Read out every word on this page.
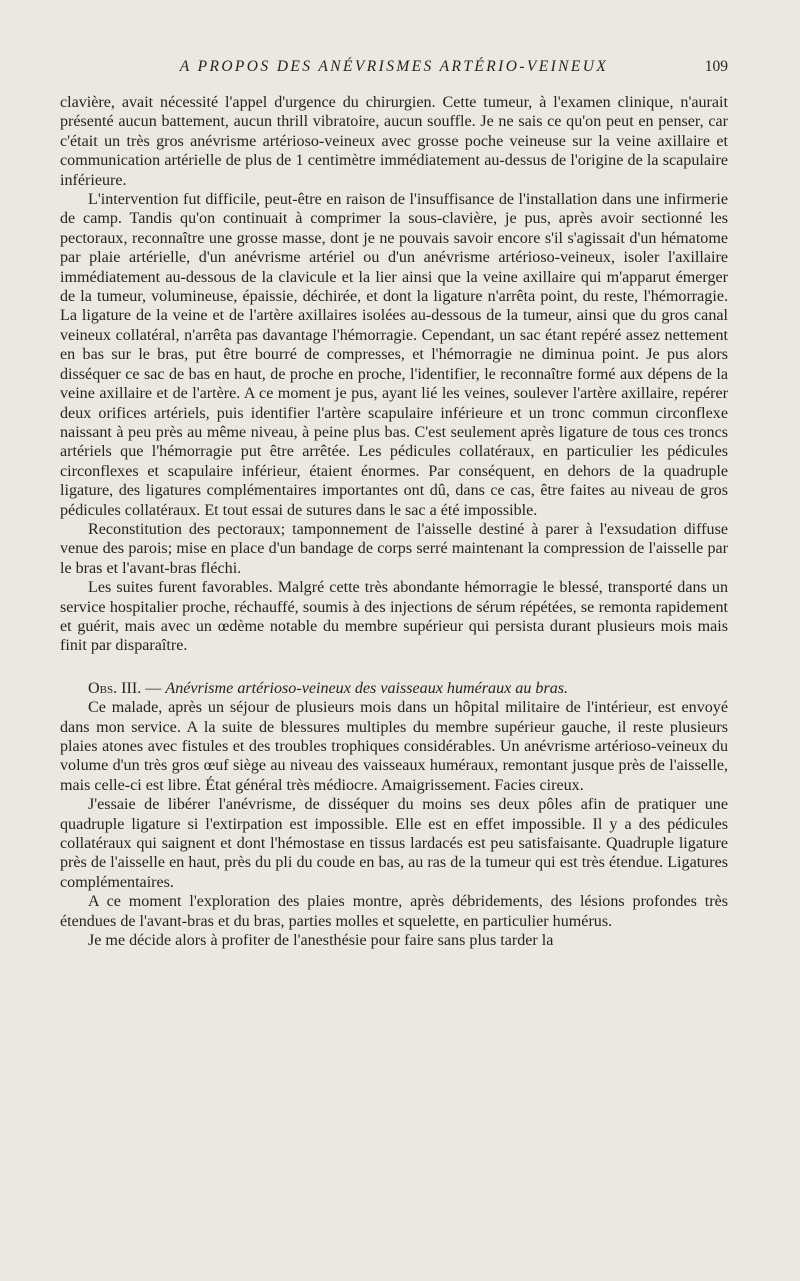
A PROPOS DES ANÉVRISMES ARTÉRIO-VEINEUX	109

clavière, avait nécessité l'appel d'urgence du chirurgien. Cette tumeur, à l'examen clinique, n'aurait présenté aucun battement, aucun thrill vibratoire, aucun souffle. Je ne sais ce qu'on peut en penser, car c'était un très gros anévrisme artérioso-veineux avec grosse poche veineuse sur la veine axillaire et communication artérielle de plus de 1 centimètre immédiatement au-dessus de l'origine de la scapulaire inférieure.

L'intervention fut difficile, peut-être en raison de l'insuffisance de l'installation dans une infirmerie de camp. Tandis qu'on continuait à comprimer la sous-clavière, je pus, après avoir sectionné les pectoraux, reconnaître une grosse masse, dont je ne pouvais savoir encore s'il s'agissait d'un hématome par plaie artérielle, d'un anévrisme artériel ou d'un anévrisme artérioso-veineux, isoler l'axillaire immédiatement au-dessous de la clavicule et la lier ainsi que la veine axillaire qui m'apparut émerger de la tumeur, volumineuse, épaissie, déchirée, et dont la ligature n'arrêta point, du reste, l'hémorragie. La ligature de la veine et de l'artère axillaires isolées au-dessous de la tumeur, ainsi que du gros canal veineux collatéral, n'arrêta pas davantage l'hémorragie. Cependant, un sac étant repéré assez nettement en bas sur le bras, put être bourré de compresses, et l'hémorragie ne diminua point. Je pus alors disséquer ce sac de bas en haut, de proche en proche, l'identifier, le reconnaître formé aux dépens de la veine axillaire et de l'artère. A ce moment je pus, ayant lié les veines, soulever l'artère axillaire, repérer deux orifices artériels, puis identifier l'artère scapulaire inférieure et un tronc commun circonflexe naissant à peu près au même niveau, à peine plus bas. C'est seulement après ligature de tous ces troncs artériels que l'hémorragie put être arrêtée. Les pédicules collatéraux, en particulier les pédicules circonflexes et scapulaire inférieur, étaient énormes. Par conséquent, en dehors de la quadruple ligature, des ligatures complémentaires importantes ont dû, dans ce cas, être faites au niveau de gros pédicules collatéraux. Et tout essai de sutures dans le sac a été impossible.

Reconstitution des pectoraux; tamponnement de l'aisselle destiné à parer à l'exsudation diffuse venue des parois; mise en place d'un bandage de corps serré maintenant la compression de l'aisselle par le bras et l'avant-bras fléchi.

Les suites furent favorables. Malgré cette très abondante hémorragie le blessé, transporté dans un service hospitalier proche, réchauffé, soumis à des injections de sérum répétées, se remonta rapidement et guérit, mais avec un œdème notable du membre supérieur qui persista durant plusieurs mois mais finit par disparaître.

Obs. III. — Anévrisme artérioso-veineux des vaisseaux huméraux au bras.

Ce malade, après un séjour de plusieurs mois dans un hôpital militaire de l'intérieur, est envoyé dans mon service. A la suite de blessures multiples du membre supérieur gauche, il reste plusieurs plaies atones avec fistules et des troubles trophiques considérables. Un anévrisme artérioso-veineux du volume d'un très gros œuf siège au niveau des vaisseaux huméraux, remontant jusque près de l'aisselle, mais celle-ci est libre. État général très médiocre. Amaigrissement. Facies cireux.

J'essaie de libérer l'anévrisme, de disséquer du moins ses deux pôles afin de pratiquer une quadruple ligature si l'extirpation est impossible. Elle est en effet impossible. Il y a des pédicules collatéraux qui saignent et dont l'hémostase en tissus lardacés est peu satisfaisante. Quadruple ligature près de l'aisselle en haut, près du pli du coude en bas, au ras de la tumeur qui est très étendue. Ligatures complémentaires.

A ce moment l'exploration des plaies montre, après débridements, des lésions profondes très étendues de l'avant-bras et du bras, parties molles et squelette, en particulier humérus.

Je me décide alors à profiter de l'anesthésie pour faire sans plus tarder la
